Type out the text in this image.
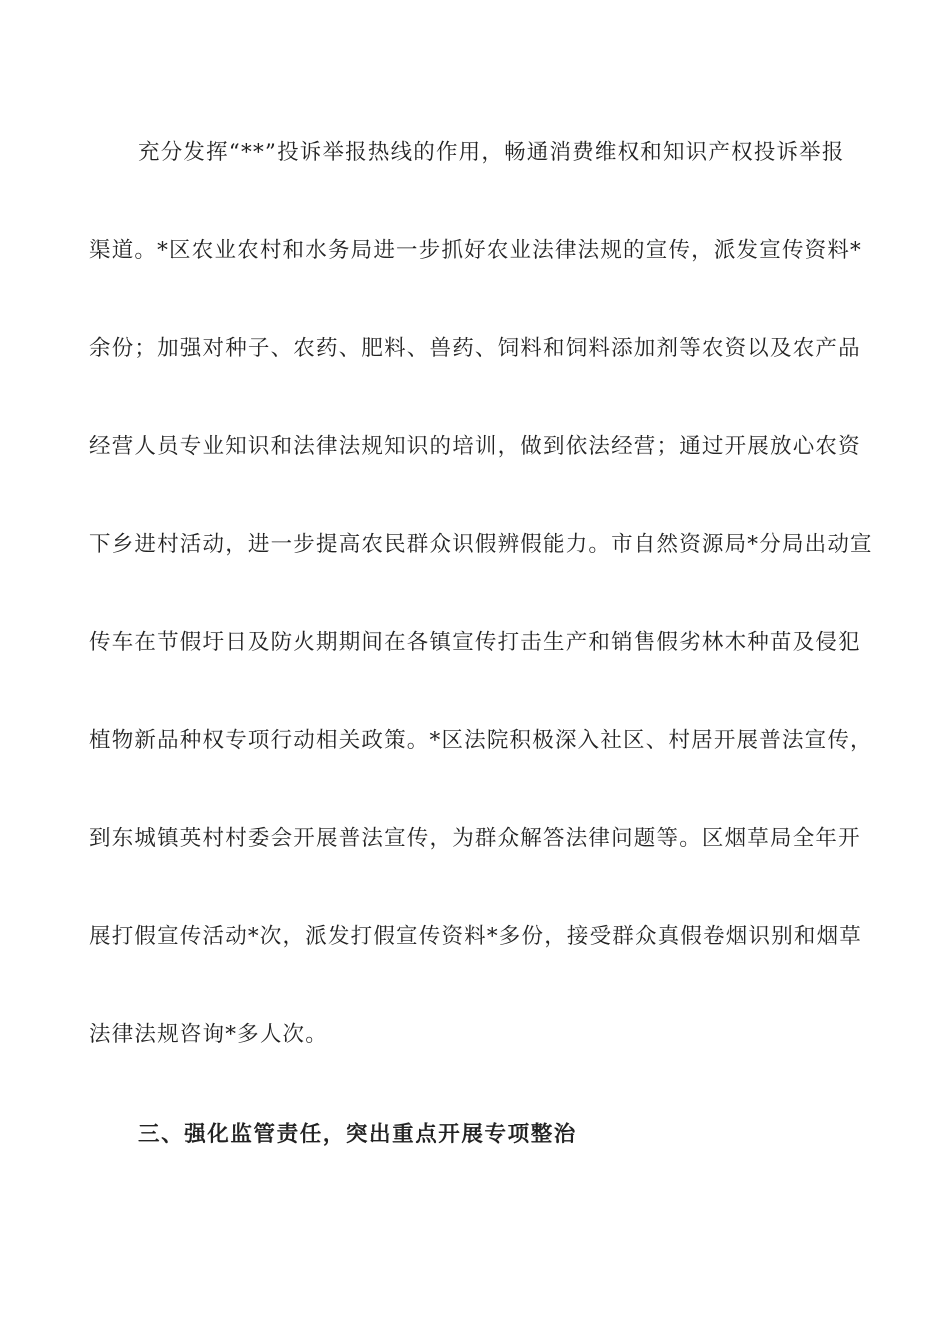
充分发挥“**”投诉举报热线的作用，畅通消费维权和知识产权投诉举报
渠道。*区农业农村和水务局进一步抓好农业法律法规的宣传，派发宣传资料*
余份；加强对种子、农药、肥料、兽药、饲料和饲料添加剂等农资以及农产品
经营人员专业知识和法律法规知识的培训，做到依法经营；通过开展放心农资
下乡进村活动，进一步提高农民群众识假辨假能力。市自然资源局*分局出动宣
传车在节假圩日及防火期期间在各镇宣传打击生产和销售假劣林木种苗及侵犯
植物新品种权专项行动相关政策。*区法院积极深入社区、村居开展普法宣传，
到东城镇英村村委会开展普法宣传，为群众解答法律问题等。区烟草局全年开
展打假宣传活动*次，派发打假宣传资料*多份，接受群众真假卷烟识别和烟草
法律法规咨询*多人次。
三、强化监管责任，突出重点开展专项整治
